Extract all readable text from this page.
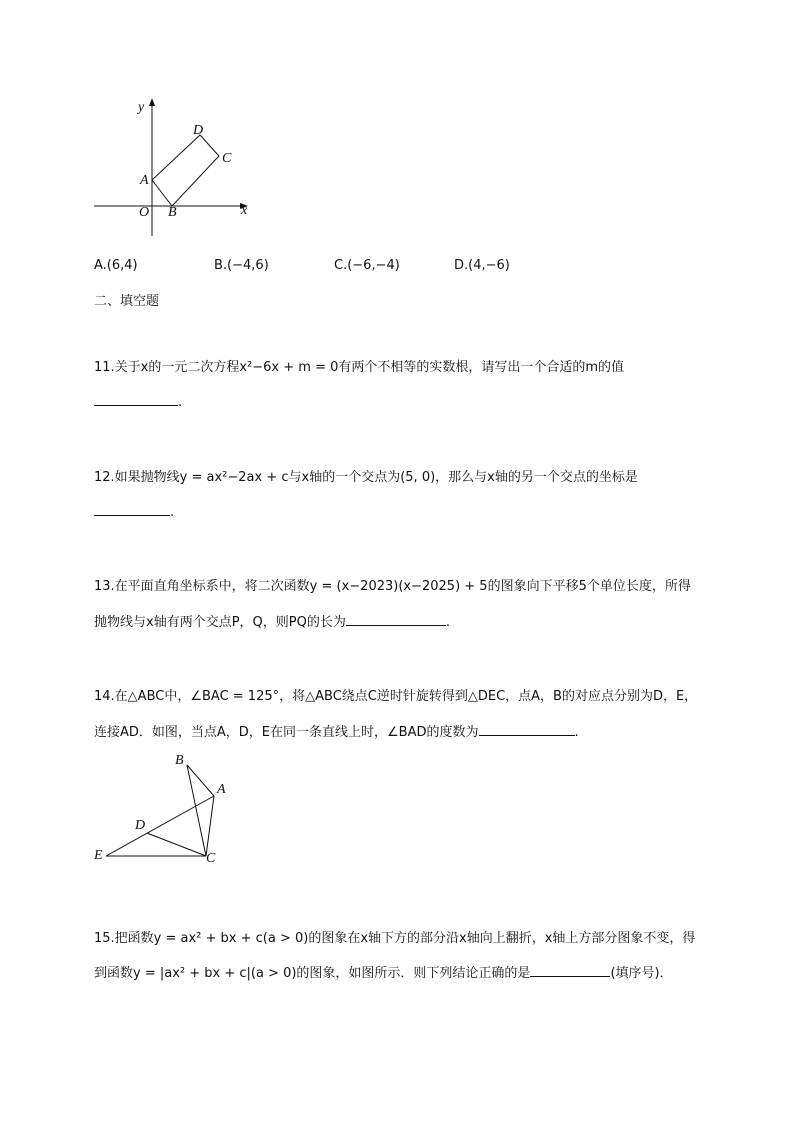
y
x
O
A
B
C
D
A.(6,4)	B.(−4,6)	C.(−6,−4)	D.(4,−6)
二、填空题
11.关于x的一元二次方程x²−6x + m = 0有两个不相等的实数根，请写出一个合适的m的值
.
12.如果抛物线y = ax²−2ax + c与x轴的一个交点为(5, 0)，那么与x轴的另一个交点的坐标是
.
13.在平面直角坐标系中，将二次函数y = (x−2023)(x−2025) + 5的图象向下平移5个单位长度，所得
抛物线与x轴有两个交点P，Q，则PQ的长为	.
14.在△ABC中，∠BAC = 125°，将△ABC绕点C逆时针旋转得到△DEC，点A，B的对应点分别为D，E，
连接AD．如图，当点A，D，E在同一条直线上时，∠BAD的度数为	.
B
A
C
D
E
15.把函数y = ax² + bx + c(a > 0)的图象在x轴下方的部分沿x轴向上翻折，x轴上方部分图象不变，得
到函数y = |ax² + bx + c|(a > 0)的图象，如图所示．则下列结论正确的是	(填序号)．
